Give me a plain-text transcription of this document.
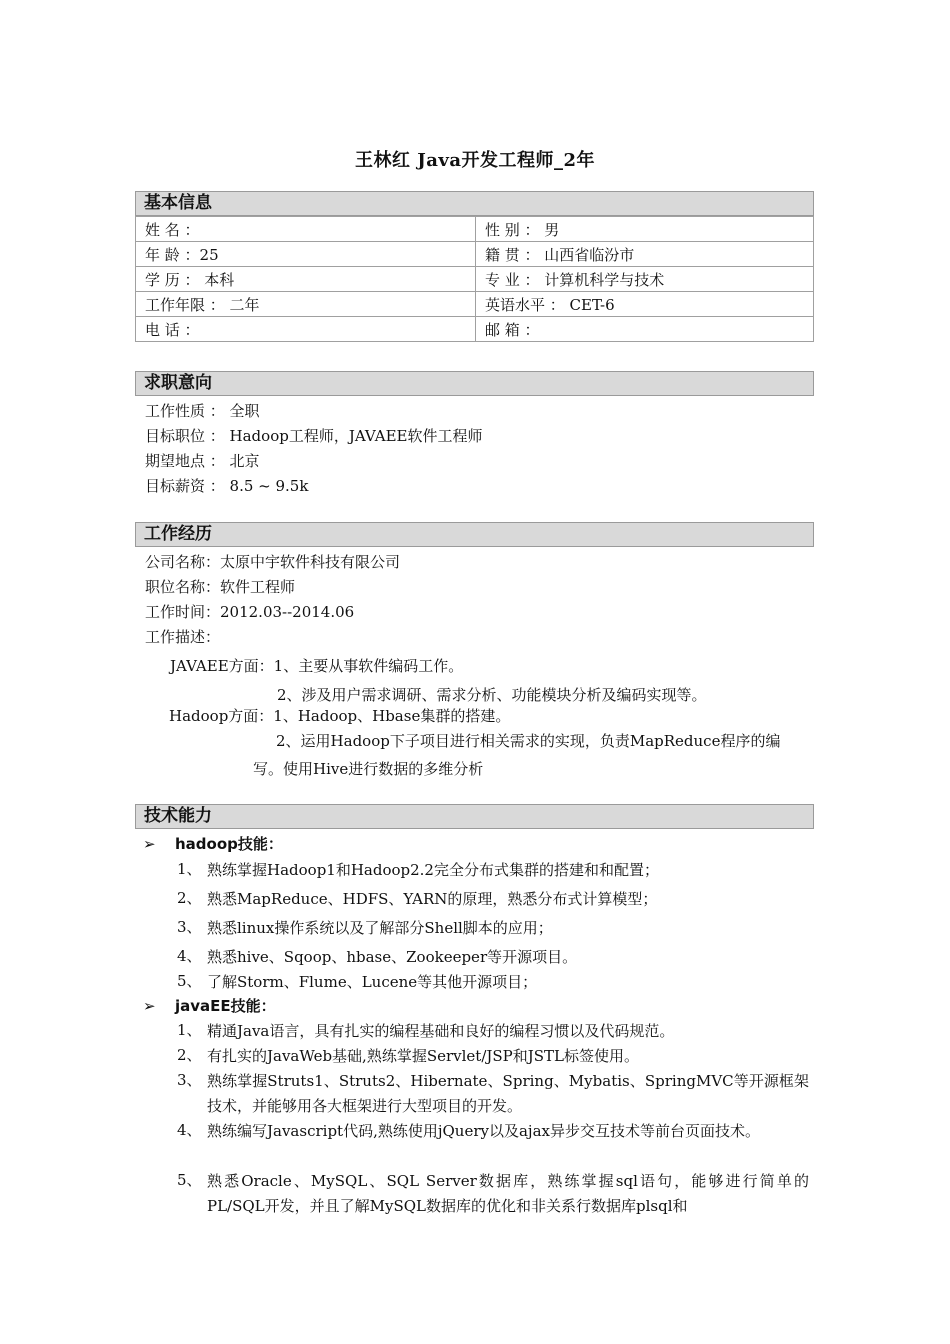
王林红 Java开发工程师_2年
基本信息
姓 名 ：	性 别 ： 男
年 龄 ：25	籍 贯 ： 山西省临汾市
学 历 ： 本科	专 业 ： 计算机科学与技术
工作年限 ： 二年	英语水平 ： CET-6
电 话 ：	邮 箱 ：
求职意向
工作性质 ： 全职
目标职位 ： Hadoop工程师，JAVAEE软件工程师
期望地点 ： 北京
目标薪资 ： 8.5 ~ 9.5k
工作经历
公司名称：太原中宇软件科技有限公司
职位名称：软件工程师
工作时间：2012.03--2014.06
工作描述：
JAVAEE方面：1、主要从事软件编码工作。
2、涉及用户需求调研、需求分析、功能模块分析及编码实现等。
Hadoop方面：1、Hadoop、Hbase集群的搭建。
2、运用Hadoop下子项目进行相关需求的实现，负责MapReduce程序的编
写。使用Hive进行数据的多维分析
技术能力
➢ hadoop技能：
1、 熟练掌握Hadoop1和Hadoop2.2完全分布式集群的搭建和和配置；
2、 熟悉MapReduce、HDFS、YARN的原理，熟悉分布式计算模型；
3、 熟悉linux操作系统以及了解部分Shell脚本的应用；
4、 熟悉hive、Sqoop、hbase、Zookeeper等开源项目。
5、 了解Storm、Flume、Lucene等其他开源项目；
➢ javaEE技能：
1、 精通Java语言，具有扎实的编程基础和良好的编程习惯以及代码规范。
2、 有扎实的JavaWeb基础,熟练掌握Servlet/JSP和JSTL标签使用。
3、 熟练掌握Struts1、Struts2、Hibernate、Spring、Mybatis、SpringMVC等开源框架技术，并能够用各大框架进行大型项目的开发。
4、 熟练编写Javascript代码,熟练使用jQuery以及ajax异步交互技术等前台页面技术。
5、 熟悉Oracle、MySQL、SQL Server数据库，熟练掌握sql语句，能够进行简单的PL/SQL开发，并且了解MySQL数据库的优化和非关系行数据库plsql和
